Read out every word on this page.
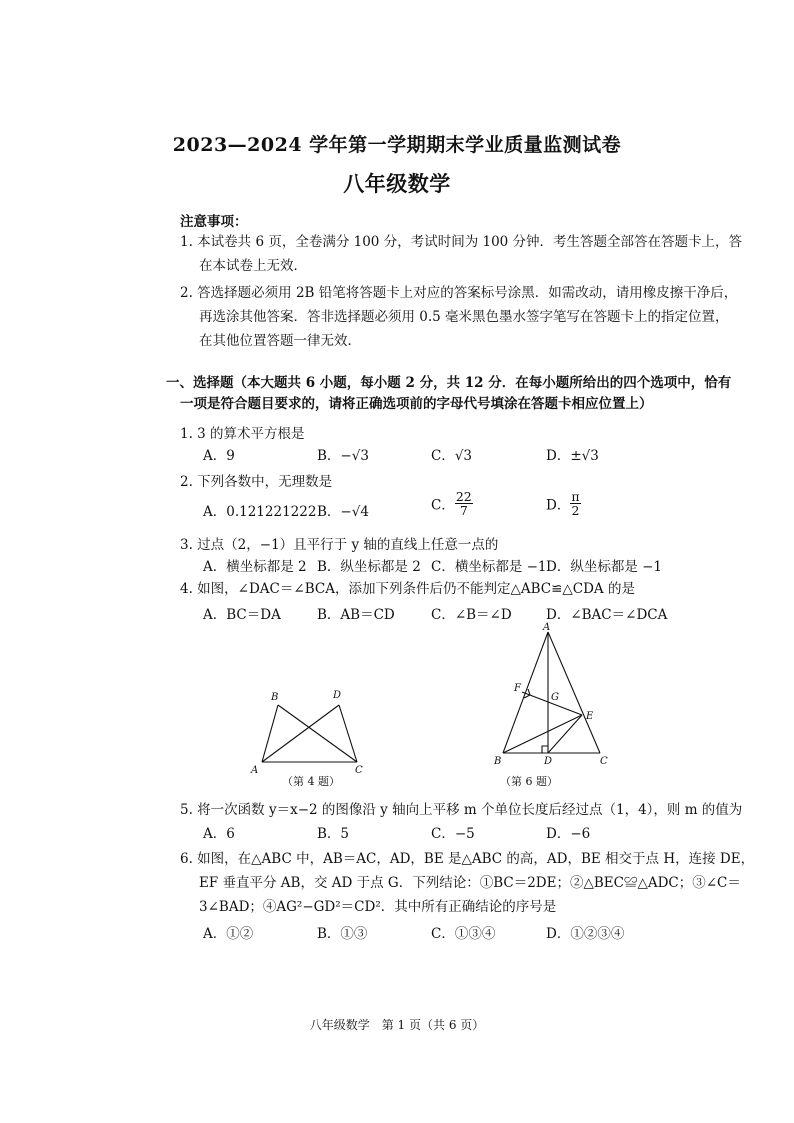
2023—2024 学年第一学期期末学业质量监测试卷
八年级数学
注意事项：
1. 本试卷共 6 页，全卷满分 100 分，考试时间为 100 分钟．考生答题全部答在答题卡上，答
在本试卷上无效．
2. 答选择题必须用 2B 铅笔将答题卡上对应的答案标号涂黑．如需改动，请用橡皮擦干净后，
再选涂其他答案．答非选择题必须用 0.5 毫米黑色墨水签字笔写在答题卡上的指定位置，
在其他位置答题一律无效．
一、选择题（本大题共 6 小题，每小题 2 分，共 12 分．在每小题所给出的四个选项中，恰有
一项是符合题目要求的，请将正确选项前的字母代号填涂在答题卡相应位置上）
1. 3 的算术平方根是
A．9	B．−√3	C．√3	D．±√3
2. 下列各数中，无理数是
A．0.121221222 B．−√4	C． $\frac{22}{7}$	D． $\frac{\pi}{2}$
3. 过点（2，−1）且平行于 y 轴的直线上任意一点的
A．横坐标都是 2 B．纵坐标都是 2 C．横坐标都是 −1 D．纵坐标都是 −1
4. 如图，∠DAC＝∠BCA，添加下列条件后仍不能判定△ABC≌△CDA 的是
A．BC＝DA	B．AB＝CD	C．∠B＝∠D	D．∠BAC＝∠DCA
A
B
C
D
（第 4 题）
A
B	C
D
E
F
G
（第 6 题）
5. 将一次函数 y＝x−2 的图像沿 y 轴向上平移 m 个单位长度后经过点（1，4），则 m 的值为
A．6	B．5	C．−5	D．−6
6. 如图，在△ABC 中，AB＝AC，AD，BE 是△ABC 的高，AD，BE 相交于点 H，连接 DE，
EF 垂直平分 AB，交 AD 于点 G．下列结论：①BC＝2DE；②△BEC≌△ADC；③∠C＝
3∠BAD；④AG²−GD²＝CD²．其中所有正确结论的序号是
A．①②	B．①③	C．①③④	D．①②③④
八年级数学　第 1 页（共 6 页）
